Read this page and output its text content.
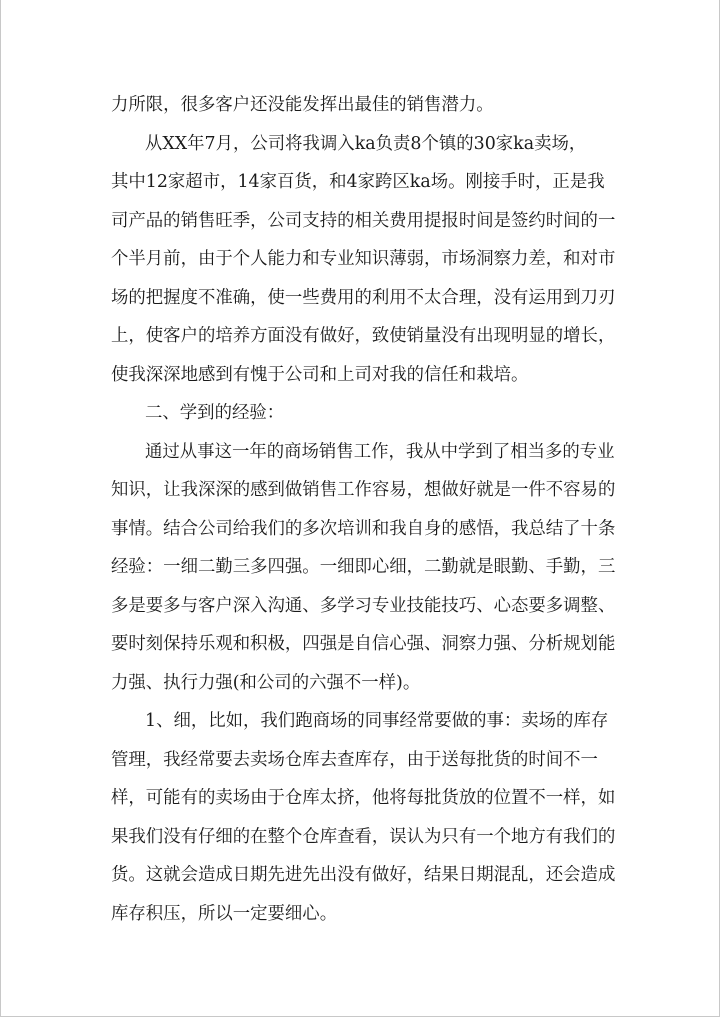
力所限，很多客户还没能发挥出最佳的销售潜力。
从XX年7月，公司将我调入ka负责8个镇的30家ka卖场，
其中12家超市，14家百货，和4家跨区ka场。刚接手时，正是我
司产品的销售旺季，公司支持的相关费用提报时间是签约时间的一
个半月前，由于个人能力和专业知识薄弱，市场洞察力差，和对市
场的把握度不准确，使一些费用的利用不太合理，没有运用到刀刃
上，使客户的培养方面没有做好，致使销量没有出现明显的增长，
使我深深地感到有愧于公司和上司对我的信任和栽培。
二、学到的经验：
通过从事这一年的商场销售工作，我从中学到了相当多的专业
知识，让我深深的感到做销售工作容易，想做好就是一件不容易的
事情。结合公司给我们的多次培训和我自身的感悟，我总结了十条
经验：一细二勤三多四强。一细即心细，二勤就是眼勤、手勤，三
多是要多与客户深入沟通、多学习专业技能技巧、心态要多调整、
要时刻保持乐观和积极，四强是自信心强、洞察力强、分析规划能
力强、执行力强(和公司的六强不一样)。
1、细，比如，我们跑商场的同事经常要做的事：卖场的库存
管理，我经常要去卖场仓库去查库存，由于送每批货的时间不一
样，可能有的卖场由于仓库太挤，他将每批货放的位置不一样，如
果我们没有仔细的在整个仓库查看，误认为只有一个地方有我们的
货。这就会造成日期先进先出没有做好，结果日期混乱，还会造成
库存积压，所以一定要细心。
